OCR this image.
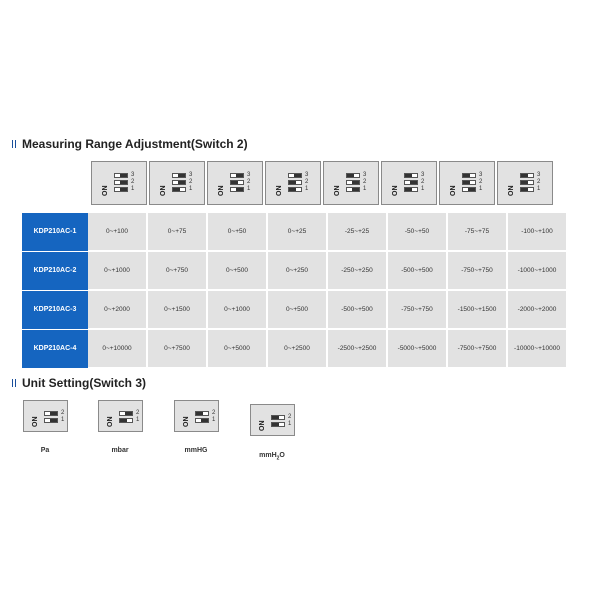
Measuring Range Adjustment(Switch 2)
ON
3
2
1	ON
3
2
1	ON
3
2
1	ON
3
2
1	ON
3
2
1	ON
3
2
1	ON
3
2
1	ON
3
2
1
KDP210AC-1	0~+100	0~+75	0~+50	0~+25	-25~+25	-50~+50	-75~+75	-100~+100
KDP210AC-2	0~+1000	0~+750	0~+500	0~+250	-250~+250	-500~+500	-750~+750	-1000~+1000
KDP210AC-3	0~+2000	0~+1500	0~+1000	0~+500	-500~+500	-750~+750	-1500~+1500	-2000~+2000
KDP210AC-4	0~+10000	0~+7500	0~+5000	0~+2500	-2500~+2500	-5000~+5000	-7500~+7500	-10000~+10000
Unit Setting(Switch 3)
ON
2
1
Pa
ON
2
1
mbar
ON
2
1
mmHG
ON
2
1
mmH$_2$O
